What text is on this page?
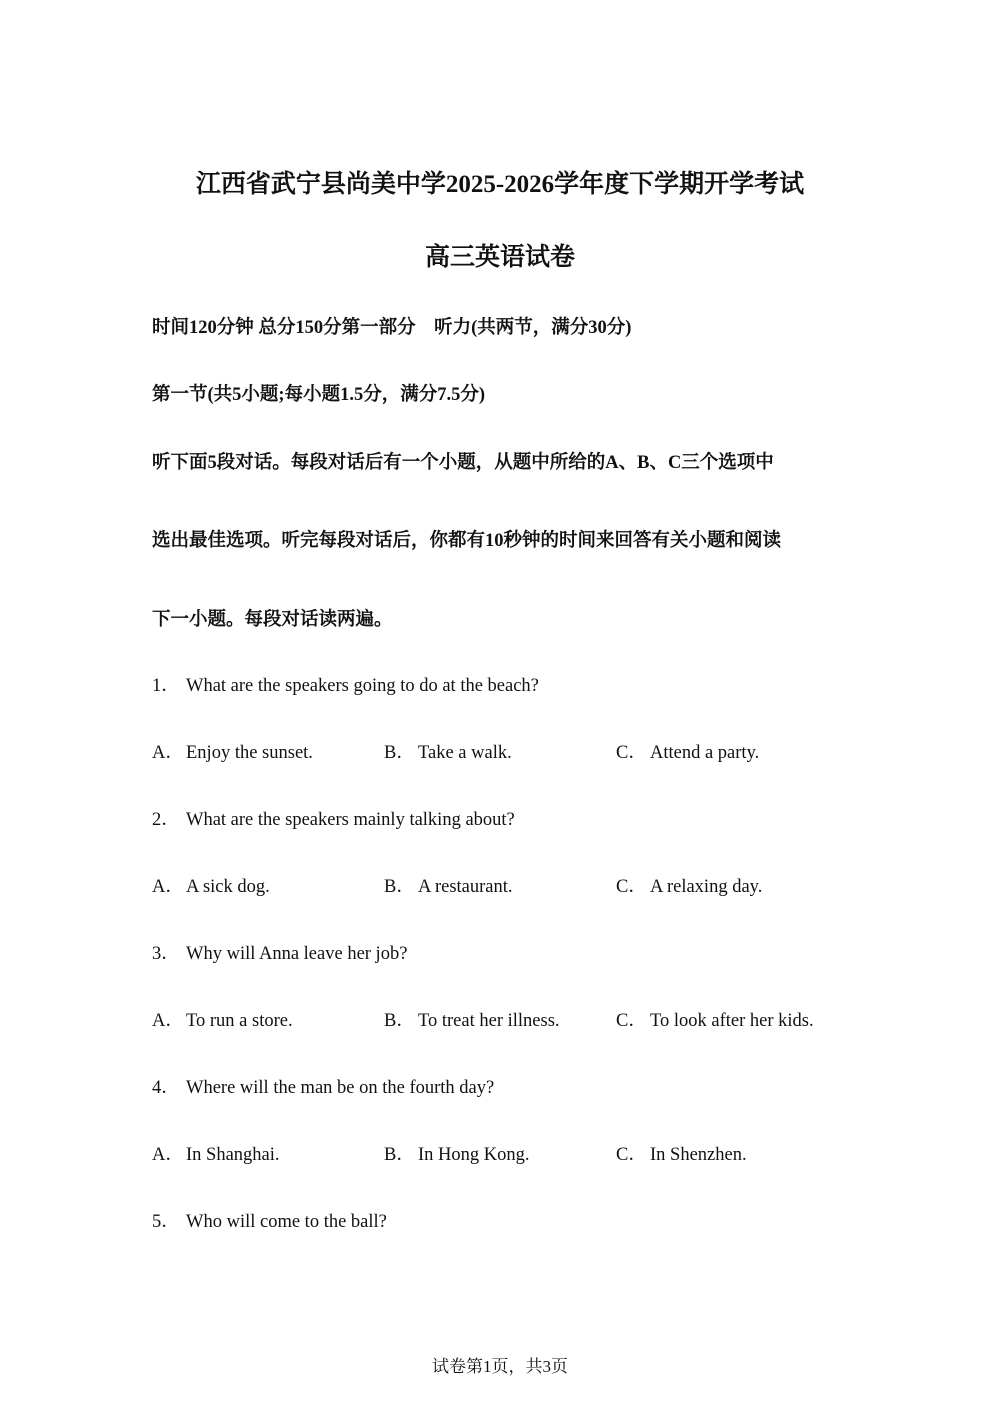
江西省武宁县尚美中学2025-2026学年度下学期开学考试
高三英语试卷
时间120分钟 总分150分第一部分　听力(共两节，满分30分)
第一节(共5小题;每小题1.5分，满分7.5分)
听下面5段对话。每段对话后有一个小题，从题中所给的A、B、C三个选项中
选出最佳选项。听完每段对话后，你都有10秒钟的时间来回答有关小题和阅读
下一小题。每段对话读两遍。
1． What are the speakers going to do at the beach?
A． Enjoy the sunset.	B． Take a walk.	C． Attend a party.
2． What are the speakers mainly talking about?
A． A sick dog.	B． A restaurant.	C． A relaxing day.
3． Why will Anna leave her job?
A． To run a store.	B． To treat her illness.	C． To look after her kids.
4． Where will the man be on the fourth day?
A． In Shanghai.	B． In Hong Kong.	C． In Shenzhen.
5． Who will come to the ball?
试卷第1页，共3页
